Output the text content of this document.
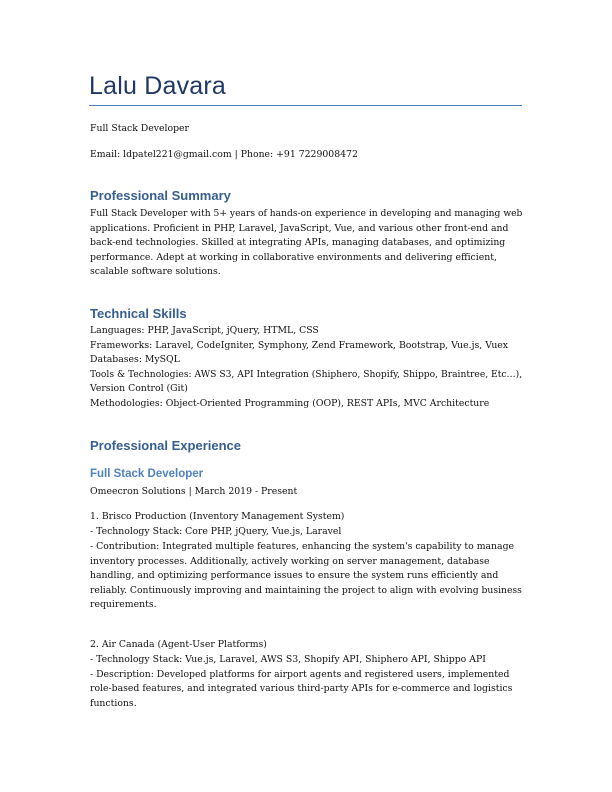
Lalu Davara
Full Stack Developer
Email: ldpatel221@gmail.com | Phone: +91 7229008472
Professional Summary
Full Stack Developer with 5+ years of hands-on experience in developing and managing web
applications. Proficient in PHP, Laravel, JavaScript, Vue, and various other front-end and
back-end technologies. Skilled at integrating APIs, managing databases, and optimizing
performance. Adept at working in collaborative environments and delivering efficient,
scalable software solutions.
Technical Skills
Languages: PHP, JavaScript, jQuery, HTML, CSS
Frameworks: Laravel, CodeIgniter, Symphony, Zend Framework, Bootstrap, Vue.js, Vuex
Databases: MySQL
Tools & Technologies: AWS S3, API Integration (Shiphero, Shopify, Shippo, Braintree, Etc…),
Version Control (Git)
Methodologies: Object-Oriented Programming (OOP), REST APIs, MVC Architecture
Professional Experience
Full Stack Developer
Omeecron Solutions | March 2019 - Present
1. Brisco Production (Inventory Management System)
- Technology Stack: Core PHP, jQuery, Vue.js, Laravel
- Contribution: Integrated multiple features, enhancing the system's capability to manage
inventory processes. Additionally, actively working on server management, database
handling, and optimizing performance issues to ensure the system runs efficiently and
reliably. Continuously improving and maintaining the project to align with evolving business
requirements.
2. Air Canada (Agent-User Platforms)
- Technology Stack: Vue.js, Laravel, AWS S3, Shopify API, Shiphero API, Shippo API
- Description: Developed platforms for airport agents and registered users, implemented
role-based features, and integrated various third-party APIs for e-commerce and logistics
functions.
